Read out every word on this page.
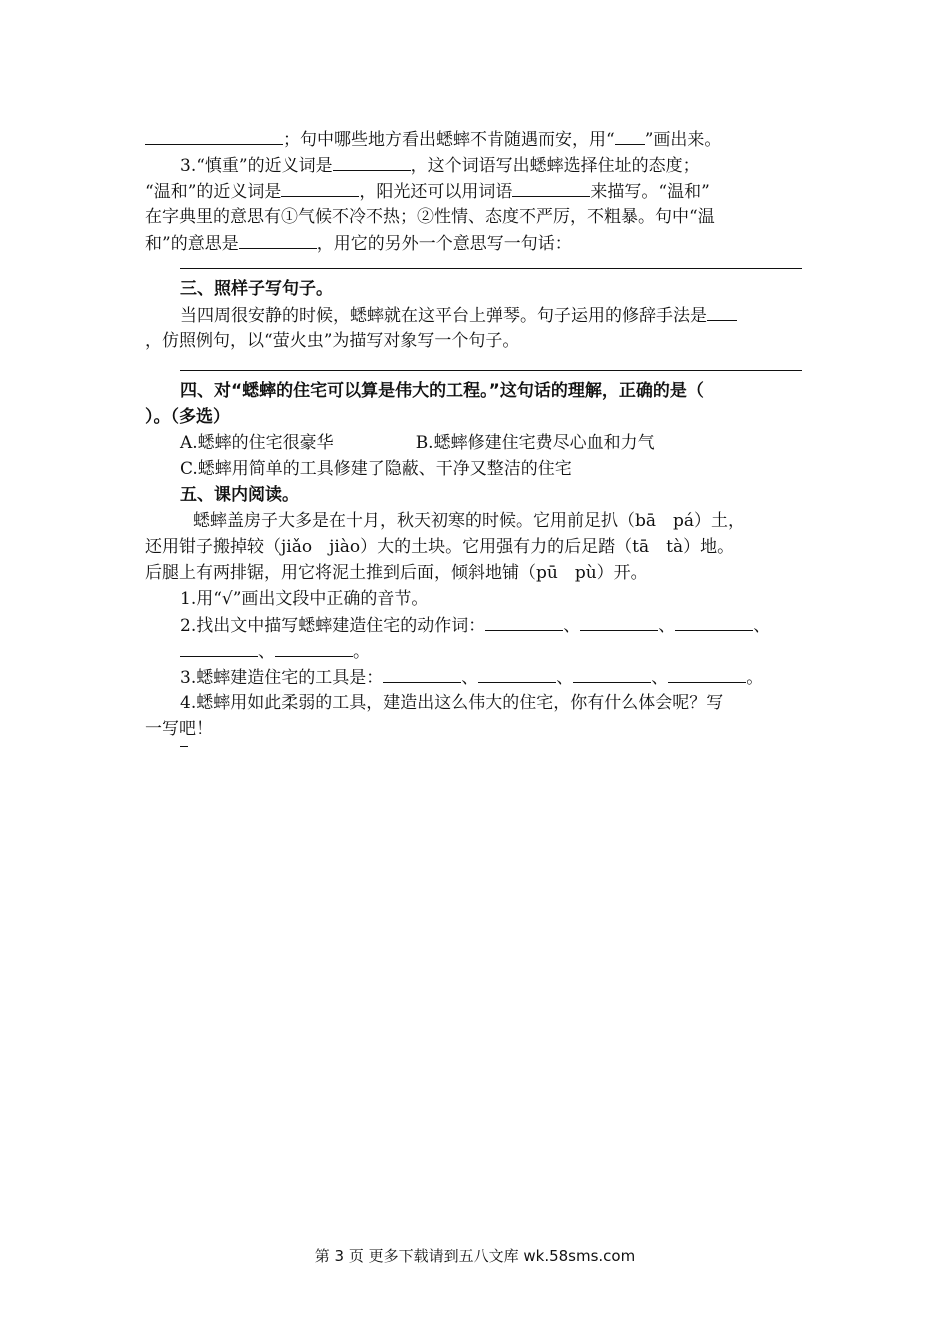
；句中哪些地方看出蟋蟀不肯随遇而安，用“ ”画出来。
3.“慎重”的近义词是	，这个词语写出蟋蟀选择住址的态度；
“温和”的近义词是	，阳光还可以用词语	来描写。“温和”
在字典里的意思有①气候不冷不热；②性情、态度不严厉，不粗暴。句中“温
和”的意思是	，用它的另外一个意思写一句话：
三、照样子写句子。
当四周很安静的时候，蟋蟀就在这平台上弹琴。句子运用的修辞手法是
，仿照例句，以“萤火虫”为描写对象写一个句子。
四、对“蟋蟀的住宅可以算是伟大的工程。”这句话的理解，正确的是（
）。（多选）
A.蟋蟀的住宅很豪华	B.蟋蟀修建住宅费尽心血和力气
C.蟋蟀用简单的工具修建了隐蔽、干净又整洁的住宅
五、课内阅读。
蟋蟀盖房子大多是在十月，秋天初寒的时候。它用前足扒（bā　pá）土，
还用钳子搬掉较（jiǎo　jiào）大的土块。它用强有力的后足踏（tā　tà）地。
后腿上有两排锯，用它将泥土推到后面，倾斜地铺（pū　pù）开。
1.用“√”画出文段中正确的音节。
2.找出文中描写蟋蟀建造住宅的动作词：	、	、	、
、	。
3.蟋蟀建造住宅的工具是：	、	、	、	。
4.蟋蟀用如此柔弱的工具，建造出这么伟大的住宅，你有什么体会呢？写
一写吧！
第 3 页 更多下载请到五八文库 wk.58sms.com
